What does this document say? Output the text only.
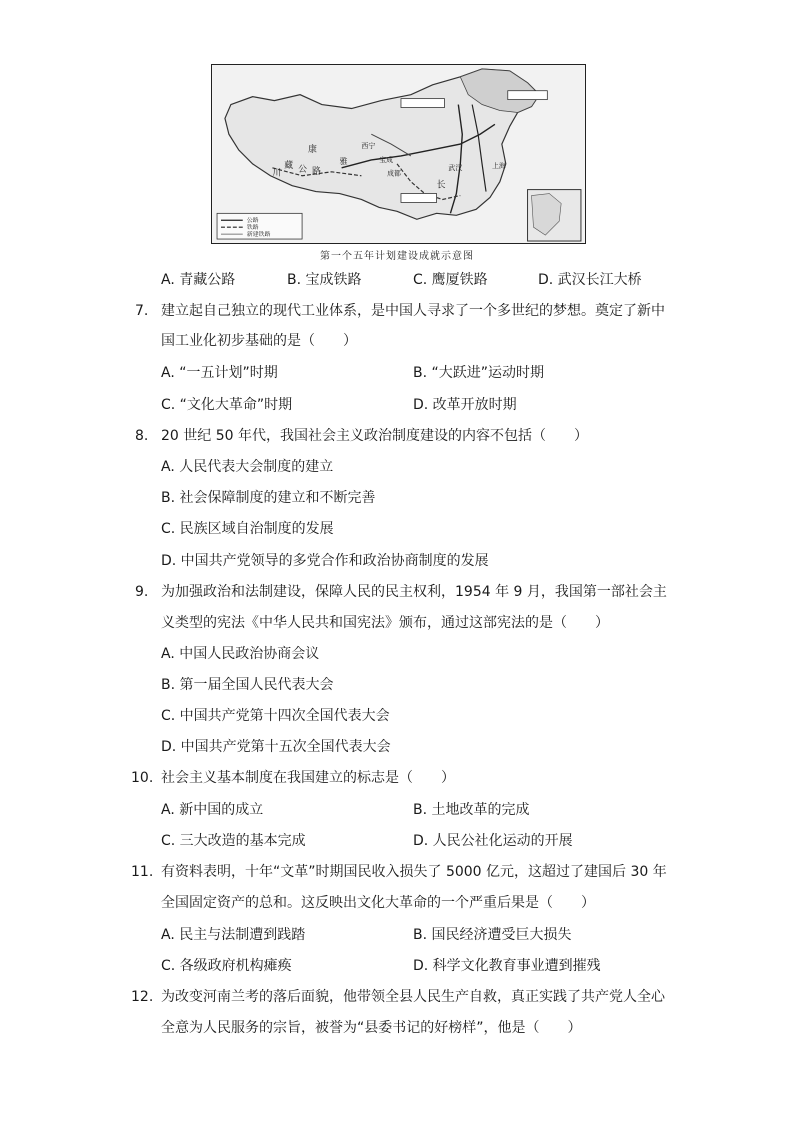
公路
铁路
新建铁路
川
藏 公 路
康
雅
西宁
宝成
成都
长
上海
武汉
第一个五年计划建设成就示意图
A. 青藏公路	B. 宝成铁路	C. 鹰厦铁路	D. 武汉长江大桥
7. 建立起自己独立的现代工业体系，是中国人寻求了一个多世纪的梦想。奠定了新中
国工业化初步基础的是（　　）
A. “一五计划”时期	B. “大跃进”运动时期
C. “文化大革命”时期	D. 改革开放时期
8. 20 世纪 50 年代，我国社会主义政治制度建设的内容不包括（　　）
A. 人民代表大会制度的建立
B. 社会保障制度的建立和不断完善
C. 民族区域自治制度的发展
D. 中国共产党领导的多党合作和政治协商制度的发展
9. 为加强政治和法制建设，保障人民的民主权利，1954 年 9 月，我国第一部社会主
义类型的宪法《中华人民共和国宪法》颁布，通过这部宪法的是（　　）
A. 中国人民政治协商会议
B. 第一届全国人民代表大会
C. 中国共产党第十四次全国代表大会
D. 中国共产党第十五次全国代表大会
10. 社会主义基本制度在我国建立的标志是（　　）
A. 新中国的成立	B. 土地改革的完成
C. 三大改造的基本完成	D. 人民公社化运动的开展
11. 有资料表明，十年“文革”时期国民收入损失了 5000 亿元，这超过了建国后 30 年
全国固定资产的总和。这反映出文化大革命的一个严重后果是（　　）
A. 民主与法制遭到践踏	B. 国民经济遭受巨大损失
C. 各级政府机构瘫痪	D. 科学文化教育事业遭到摧残
12. 为改变河南兰考的落后面貌，他带领全县人民生产自救，真正实践了共产党人全心
全意为人民服务的宗旨，被誉为“县委书记的好榜样”，他是（　　）
